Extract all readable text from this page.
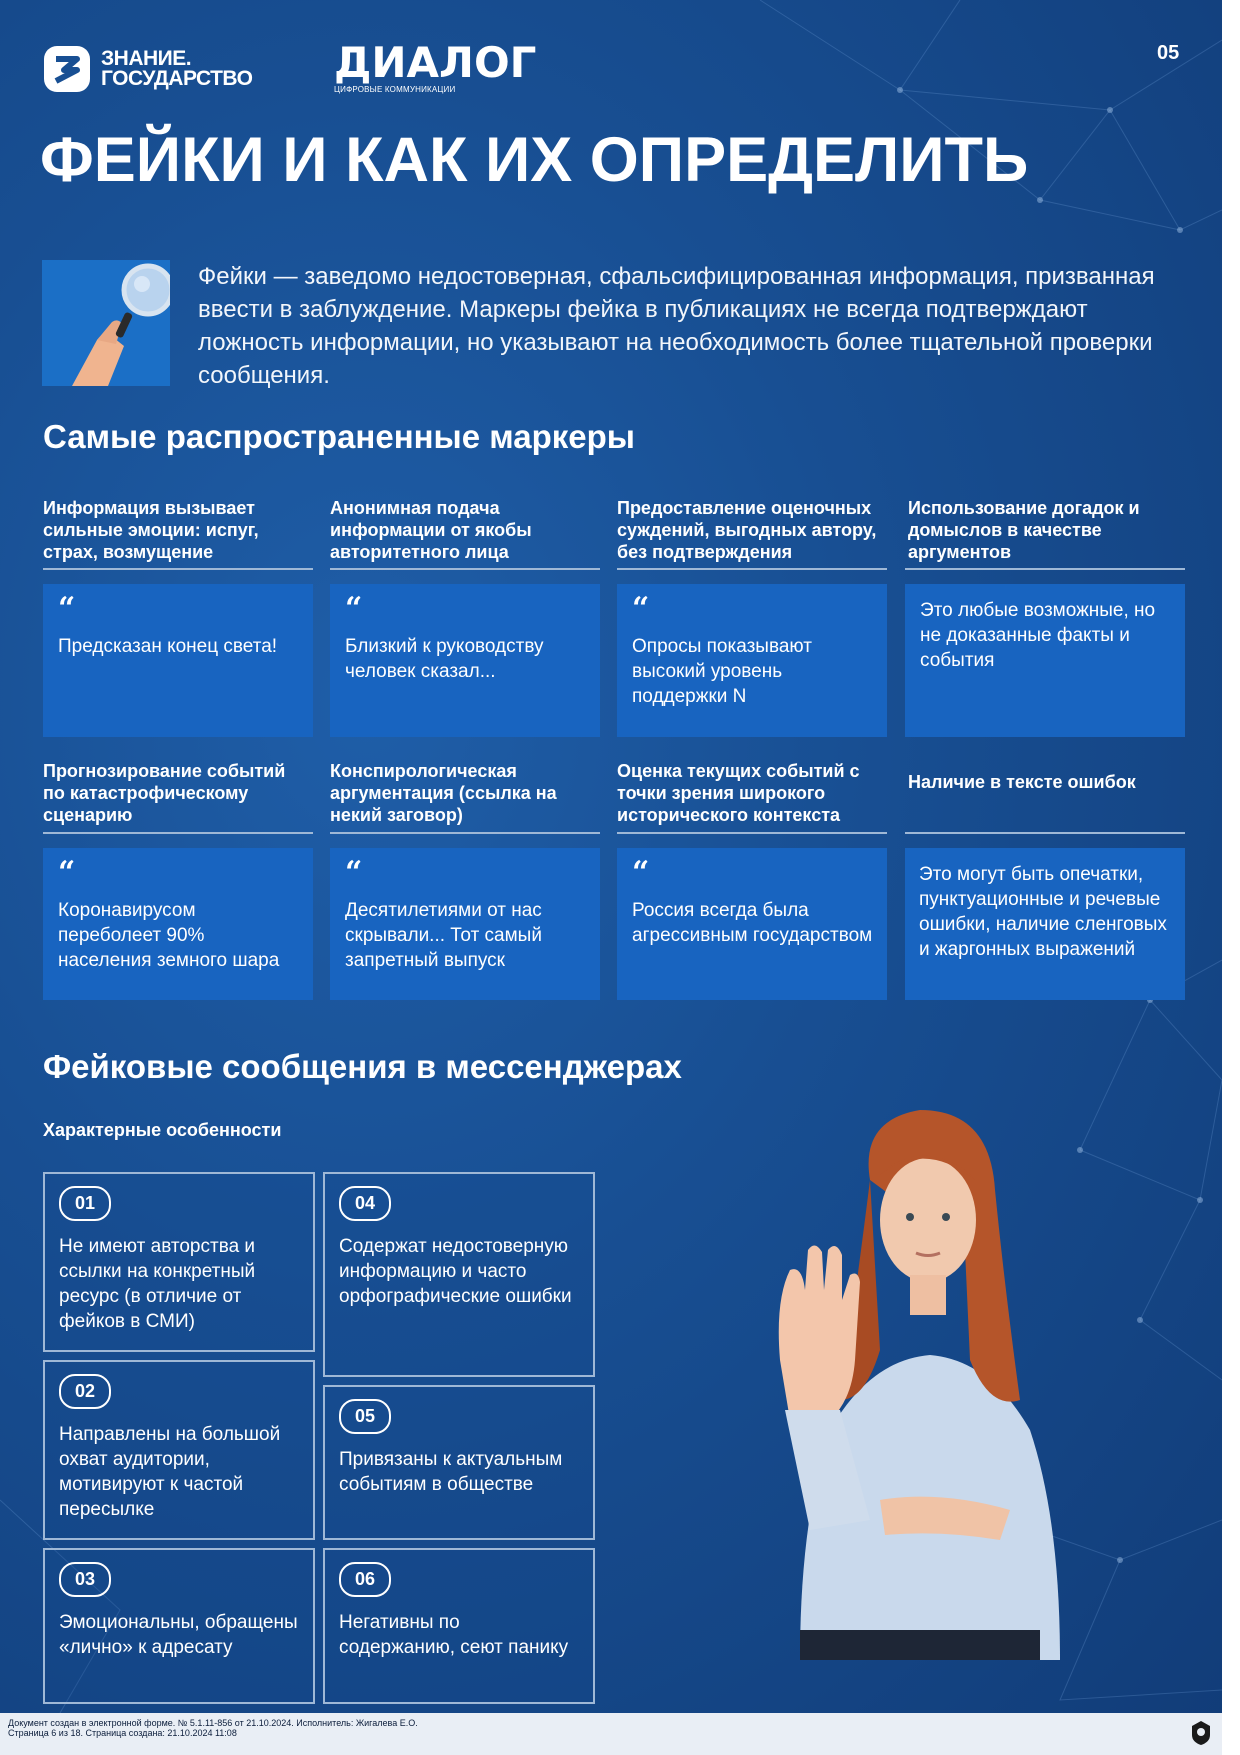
ЗНАНИЕ.
ГОСУДАРСТВО ДИАЛОГ
ЦИФРОВЫЕ КОММУНИКАЦИИ
05
ФЕЙКИ И КАК ИХ ОПРЕДЕЛИТЬ
Фейки — заведомо недостоверная, сфальсифицированная информация, призванная ввести в заблуждение. Маркеры фейка в публикациях не всегда подтверждают ложность информации, но указывают на необходимость более тщательной проверки сообщения.
Самые распространенные маркеры
Информация вызывает сильные эмоции: испуг, страх, возмущение
“
Предсказан конец света!
Анонимная подача информации от якобы авторитетного лица
“
Близкий к руководству человек сказал...
Предоставление оценочных суждений, выгодных автору, без подтверждения
“
Опросы показывают высокий уровень поддержки N
Использование догадок и домыслов в качестве аргументов
Это любые возможные, но не доказанные факты и события
Прогнозирование событий по катастрофическому сценарию
“
Коронавирусом переболеет 90% населения земного шара
Конспирологическая аргументация (ссылка на некий заговор)
“
Десятилетиями от нас скрывали... Тот самый запретный выпуск
Оценка текущих событий с точки зрения широкого исторического контекста
“
Россия всегда была агрессивным государством
Наличие в тексте ошибок
Это могут быть опечатки, пунктуационные и речевые ошибки, наличие сленговых и жаргонных выражений
Фейковые сообщения в мессенджерах
Характерные особенности
01
Не имеют авторства и ссылки на конкретный ресурс (в отличие от фейков в СМИ)
02
Направлены на большой охват аудитории, мотивируют к частой пересылке
03
Эмоциональны, обращены «лично» к адресату
04
Содержат недостоверную информацию и часто орфографические ошибки
05
Привязаны к актуальным событиям в обществе
06
Негативны по содержанию, сеют панику
Документ создан в электронной форме. № 5.1.11-856 от 21.10.2024. Исполнитель: Жигалева Е.О.
Страница 6 из 18. Страница создана: 21.10.2024 11:08
